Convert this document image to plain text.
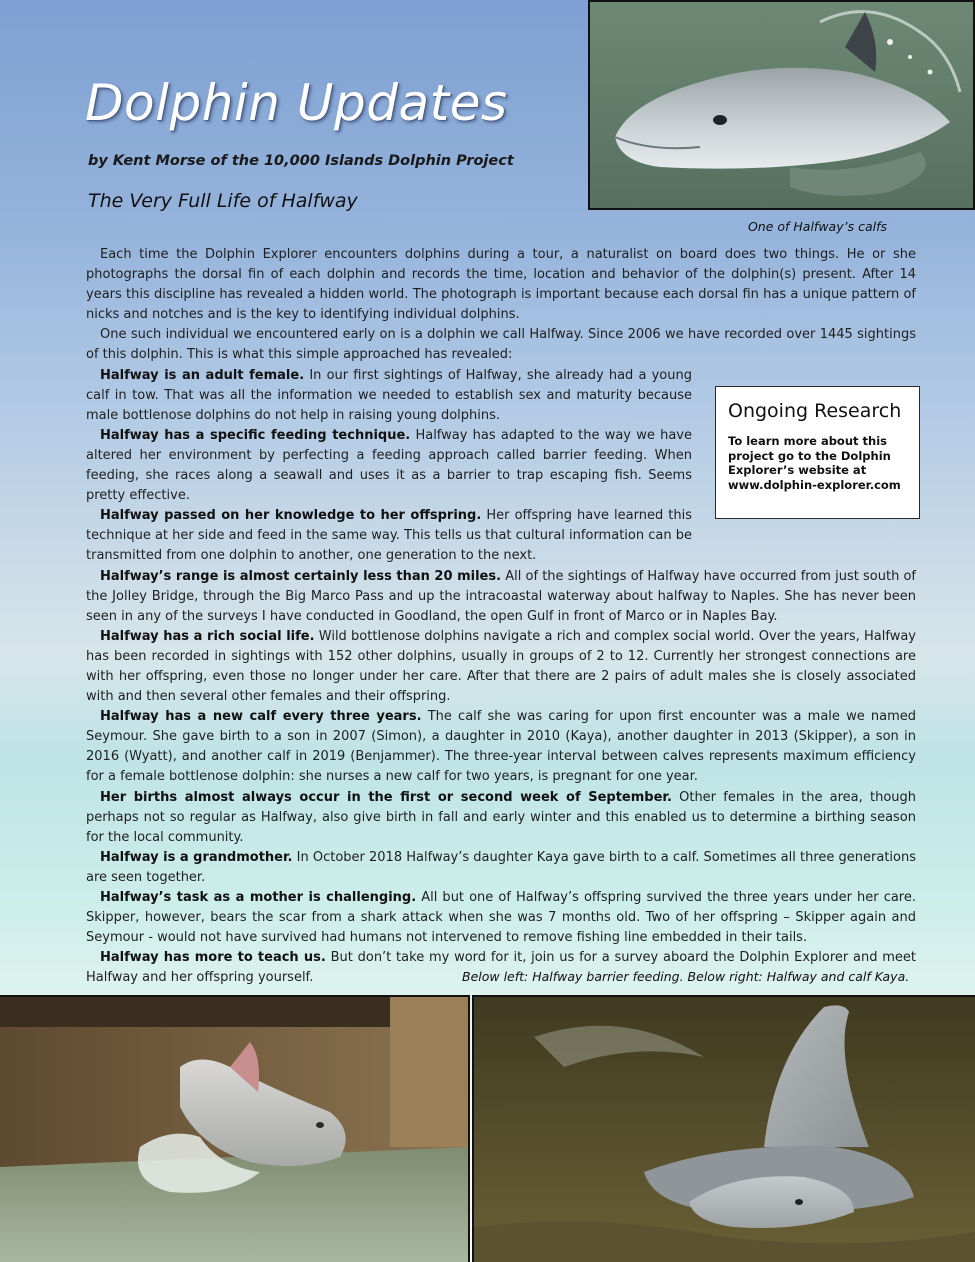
Dolphin Updates

by Kent Morse of the 10,000 Islands Dolphin Project

The Very Full Life of Halfway

One of Halfway’s calfs

Each time the Dolphin Explorer encounters dolphins during a tour, a naturalist on board does two things. He or she photographs the dorsal fin of each dolphin and records the time, location and behavior of the dolphin(s) present. After 14 years this discipline has revealed a hidden world. The photograph is important because each dorsal fin has a unique pattern of nicks and notches and is the key to identifying individual dolphins.

One such individual we encountered early on is a dolphin we call Halfway. Since 2006 we have recorded over 1445 sightings of this dolphin. This is what this simple approached has revealed:

Halfway is an adult female. In our first sightings of Halfway, she already had a young calf in tow. That was all the information we needed to establish sex and maturity because male bottlenose dolphins do not help in raising young dolphins.

Halfway has a specific feeding technique. Halfway has adapted to the way we have altered her environment by perfecting a feeding approach called barrier feeding. When feeding, she races along a seawall and uses it as a barrier to trap escaping fish. Seems pretty effective.

Halfway passed on her knowledge to her offspring. Her offspring have learned this technique at her side and feed in the same way. This tells us that cultural information can be transmitted from one dolphin to another, one generation to the next.

Halfway’s range is almost certainly less than 20 miles. All of the sightings of Halfway have occurred from just south of the Jolley Bridge, through the Big Marco Pass and up the intracoastal waterway about halfway to Naples. She has never been seen in any of the surveys I have conducted in Goodland, the open Gulf in front of Marco or in Naples Bay.

Halfway has a rich social life. Wild bottlenose dolphins navigate a rich and complex social world. Over the years, Halfway has been recorded in sightings with 152 other dolphins, usually in groups of 2 to 12. Currently her strongest connections are with her offspring, even those no longer under her care. After that there are 2 pairs of adult males she is closely associated with and then several other females and their offspring.

Halfway has a new calf every three years. The calf she was caring for upon first encounter was a male we named Seymour. She gave birth to a son in 2007 (Simon), a daughter in 2010 (Kaya), another daughter in 2013 (Skipper), a son in 2016 (Wyatt), and another calf in 2019 (Benjammer). The three-year interval between calves represents maximum efficiency for a female bottlenose dolphin: she nurses a new calf for two years, is pregnant for one year.

Her births almost always occur in the first or second week of September. Other females in the area, though perhaps not so regular as Halfway, also give birth in fall and early winter and this enabled us to determine a birthing season for the local community.

Halfway is a grandmother. In October 2018 Halfway’s daughter Kaya gave birth to a calf. Sometimes all three generations are seen together.

Halfway’s task as a mother is challenging. All but one of Halfway’s offspring survived the three years under her care. Skipper, however, bears the scar from a shark attack when she was 7 months old. Two of her offspring – Skipper again and Seymour - would not have survived had humans not intervened to remove fishing line embedded in their tails.

Halfway has more to teach us. But don’t take my word for it, join us for a survey aboard the Dolphin Explorer and meet Halfway and her offspring yourself.

Ongoing Research

To learn more about this project go to the Dolphin Explorer’s website at www.dolphin-explorer.com

Below left: Halfway barrier feeding. Below right: Halfway and calf Kaya.
